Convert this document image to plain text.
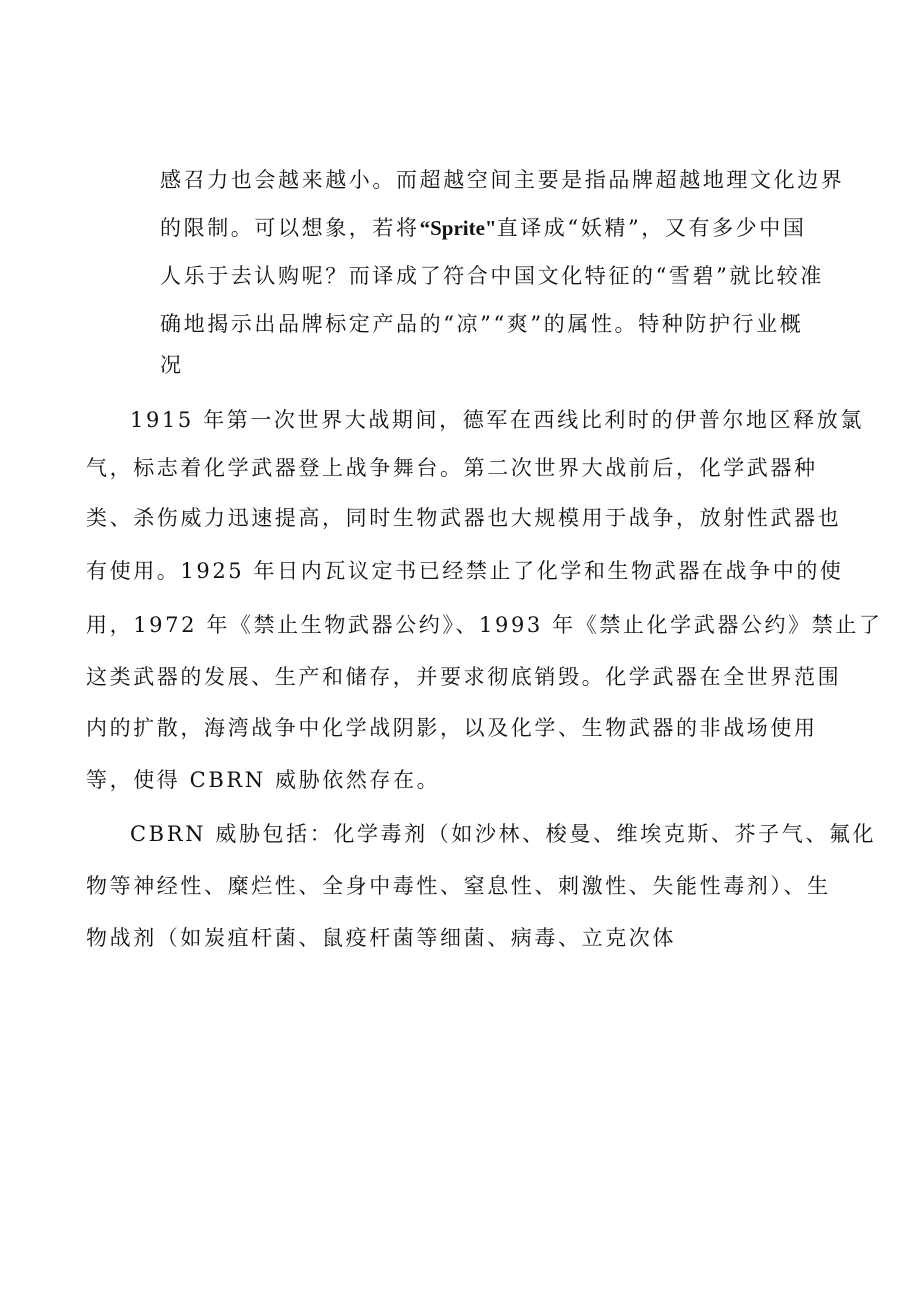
感召力也会越来越小。而超越空间主要是指品牌超越地理文化边界
的限制。可以想象，若将“Sprite"直译成“妖精”，又有多少中国
人乐于去认购呢？而译成了符合中国文化特征的“雪碧”就比较准
确地揭示出品牌标定产品的“凉”“爽”的属性。特种防护行业概
况
1915 年第一次世界大战期间，德军在西线比利时的伊普尔地区释放氯
气，标志着化学武器登上战争舞台。第二次世界大战前后，化学武器种
类、杀伤威力迅速提高，同时生物武器也大规模用于战争，放射性武器也
有使用。1925 年日内瓦议定书已经禁止了化学和生物武器在战争中的使
用，1972 年《禁止生物武器公约》、1993 年《禁止化学武器公约》禁止了
这类武器的发展、生产和储存，并要求彻底销毁。化学武器在全世界范围
内的扩散，海湾战争中化学战阴影，以及化学、生物武器的非战场使用
等，使得 CBRN 威胁依然存在。
CBRN 威胁包括：化学毒剂（如沙林、梭曼、维埃克斯、芥子气、氟化
物等神经性、糜烂性、全身中毒性、窒息性、刺激性、失能性毒剂）、生
物战剂（如炭疽杆菌、鼠疫杆菌等细菌、病毒、立克次体
